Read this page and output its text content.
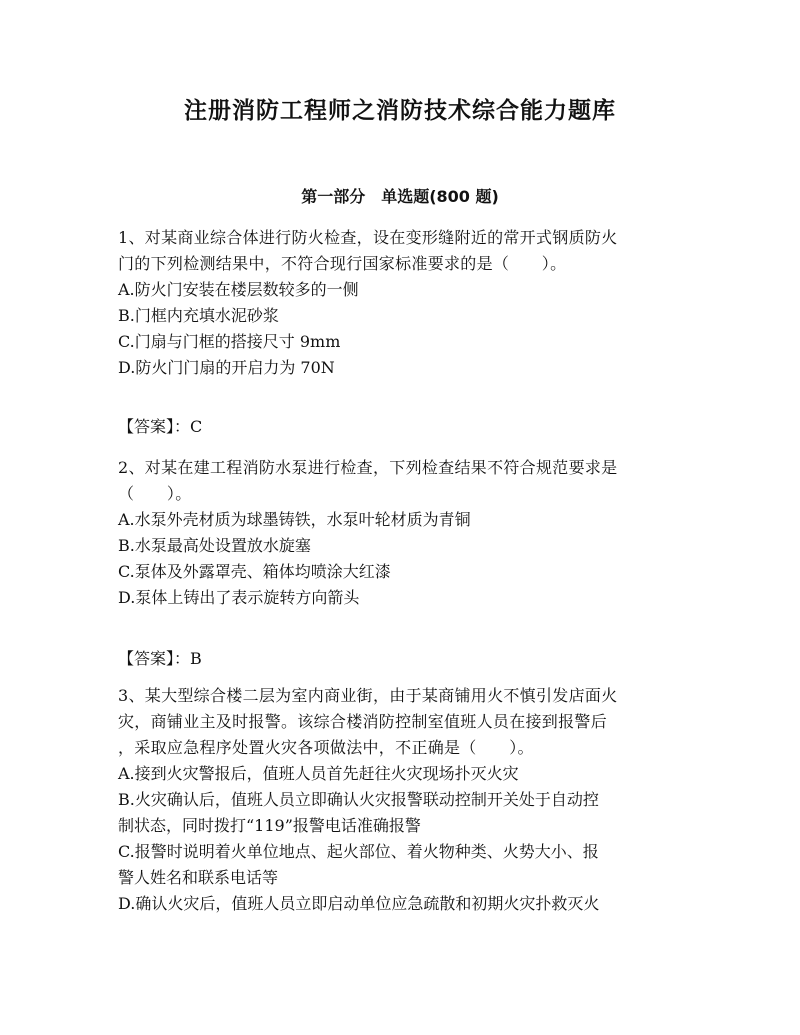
注册消防工程师之消防技术综合能力题库
第一部分　单选题(800 题)

1、对某商业综合体进行防火检查，设在变形缝附近的常开式钢质防火

门的下列检测结果中，不符合现行国家标准要求的是（　　）。

A.防火门安装在楼层数较多的一侧

B.门框内充填水泥砂浆

C.门扇与门框的搭接尺寸 9mm

D.防火门门扇的开启力为 70N

【答案】：C

2、对某在建工程消防水泵进行检查，下列检查结果不符合规范要求是

（　　）。

A.水泵外壳材质为球墨铸铁，水泵叶轮材质为青铜

B.水泵最高处设置放水旋塞

C.泵体及外露罩壳、箱体均喷涂大红漆

D.泵体上铸出了表示旋转方向箭头

【答案】：B

3、某大型综合楼二层为室内商业街，由于某商铺用火不慎引发店面火

灾，商铺业主及时报警。该综合楼消防控制室值班人员在接到报警后

，采取应急程序处置火灾各项做法中，不正确是（　　）。

A.接到火灾警报后，值班人员首先赶往火灾现场扑灭火灾

B.火灾确认后，值班人员立即确认火灾报警联动控制开关处于自动控

制状态，同时拨打“119”报警电话准确报警

C.报警时说明着火单位地点、起火部位、着火物种类、火势大小、报

警人姓名和联系电话等

D.确认火灾后，值班人员立即启动单位应急疏散和初期火灾扑救灭火
